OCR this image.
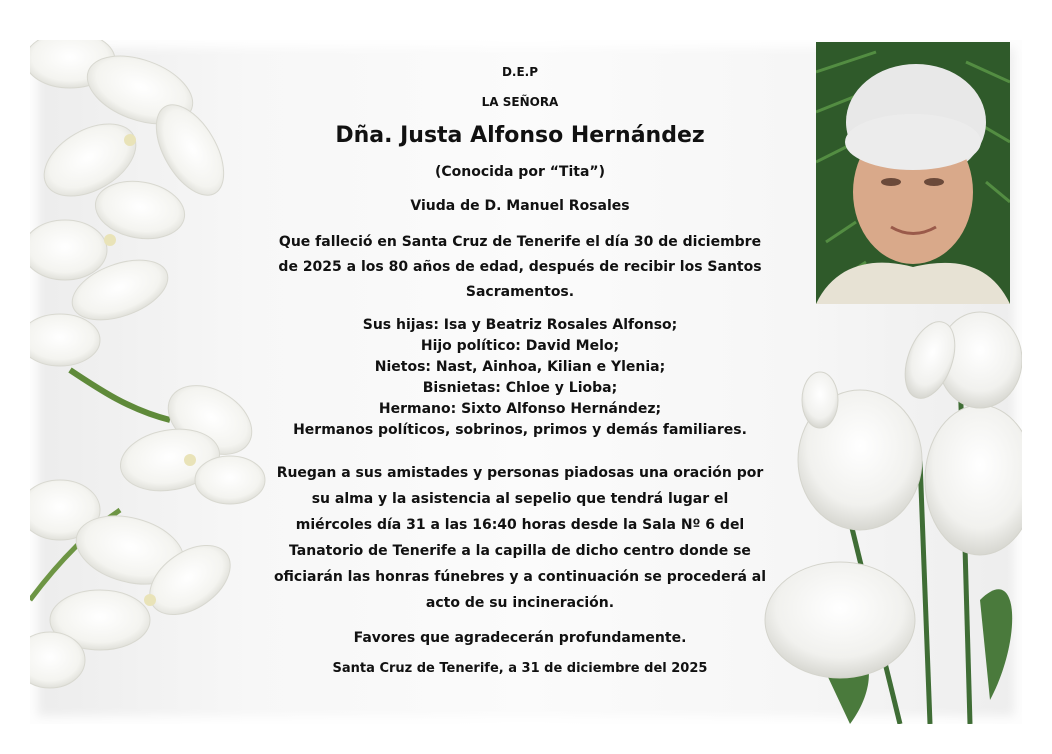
D.E.P
LA SEÑORA
Dña. Justa Alfonso Hernández
(Conocida por “Tita”)
Viuda de D. Manuel Rosales
Que falleció en Santa Cruz de Tenerife el día 30 de diciembre
de 2025 a los 80 años de edad, después de recibir los Santos
Sacramentos.
Sus hijas: Isa y Beatriz Rosales Alfonso;
Hijo político: David Melo;
Nietos: Nast, Ainhoa, Kilian e Ylenia;
Bisnietas: Chloe y Lioba;
Hermano: Sixto Alfonso Hernández;
Hermanos políticos, sobrinos, primos y demás familiares.
Ruegan a sus amistades y personas piadosas una oración por
su alma y la asistencia al sepelio que tendrá lugar el
miércoles día 31 a las 16:40 horas desde la Sala Nº 6 del
Tanatorio de Tenerife a la capilla de dicho centro donde se
oficiarán las honras fúnebres y a continuación se procederá al
acto de su incineración.
Favores que agradecerán profundamente.
Santa Cruz de Tenerife, a 31 de diciembre del 2025
